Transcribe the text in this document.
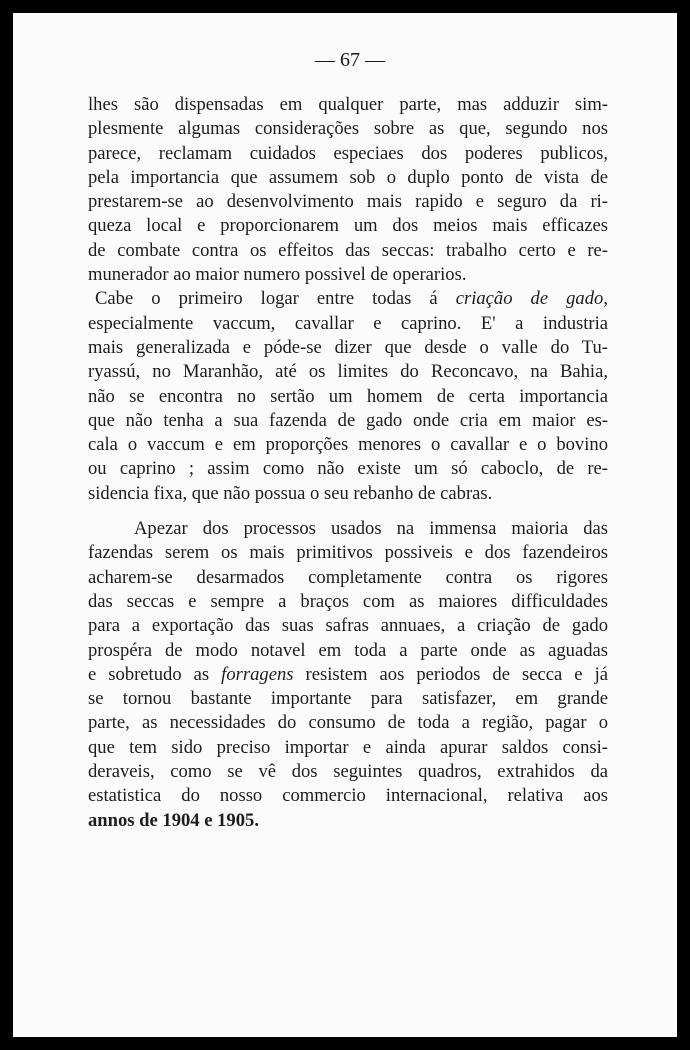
— 67 —

lhes são dispensadas em qualquer parte, mas adduzir sim-
plesmente algumas considerações sobre as que, segundo nos
parece, reclamam cuidados especiaes dos poderes publicos,
pela importancia que assumem sob o duplo ponto de vista de
prestarem-se ao desenvolvimento mais rapido e seguro da ri-
queza local e proporcionarem um dos meios mais efficazes
de combate contra os effeitos das seccas: trabalho certo e re-
munerador ao maior numero possivel de operarios.
Cabe o primeiro logar entre todas á criação de gado,
especialmente vaccum, cavallar e caprino. E' a industria
mais generalizada e póde-se dizer que desde o valle do Tu-
ryassú, no Maranhão, até os limites do Reconcavo, na Bahia,
não se encontra no sertão um homem de certa importancia
que não tenha a sua fazenda de gado onde cria em maior es-
cala o vaccum e em proporções menores o cavallar e o bovino
ou caprino ; assim como não existe um só caboclo, de re-
sidencia fixa, que não possua o seu rebanho de cabras.
Apezar dos processos usados na immensa maioria das
fazendas serem os mais primitivos possiveis e dos fazendeiros
acharem-se desarmados completamente contra os rigores
das seccas e sempre a braços com as maiores difficuldades
para a exportação das suas safras annuaes, a criação de gado
prospéra de modo notavel em toda a parte onde as aguadas
e sobretudo as forragens resistem aos periodos de secca e já
se tornou bastante importante para satisfazer, em grande
parte, as necessidades do consumo de toda a região, pagar o
que tem sido preciso importar e ainda apurar saldos consi-
deraveis, como se vê dos seguintes quadros, extrahidos da
estatistica do nosso commercio internacional, relativa aos
annos de 1904 e 1905.
